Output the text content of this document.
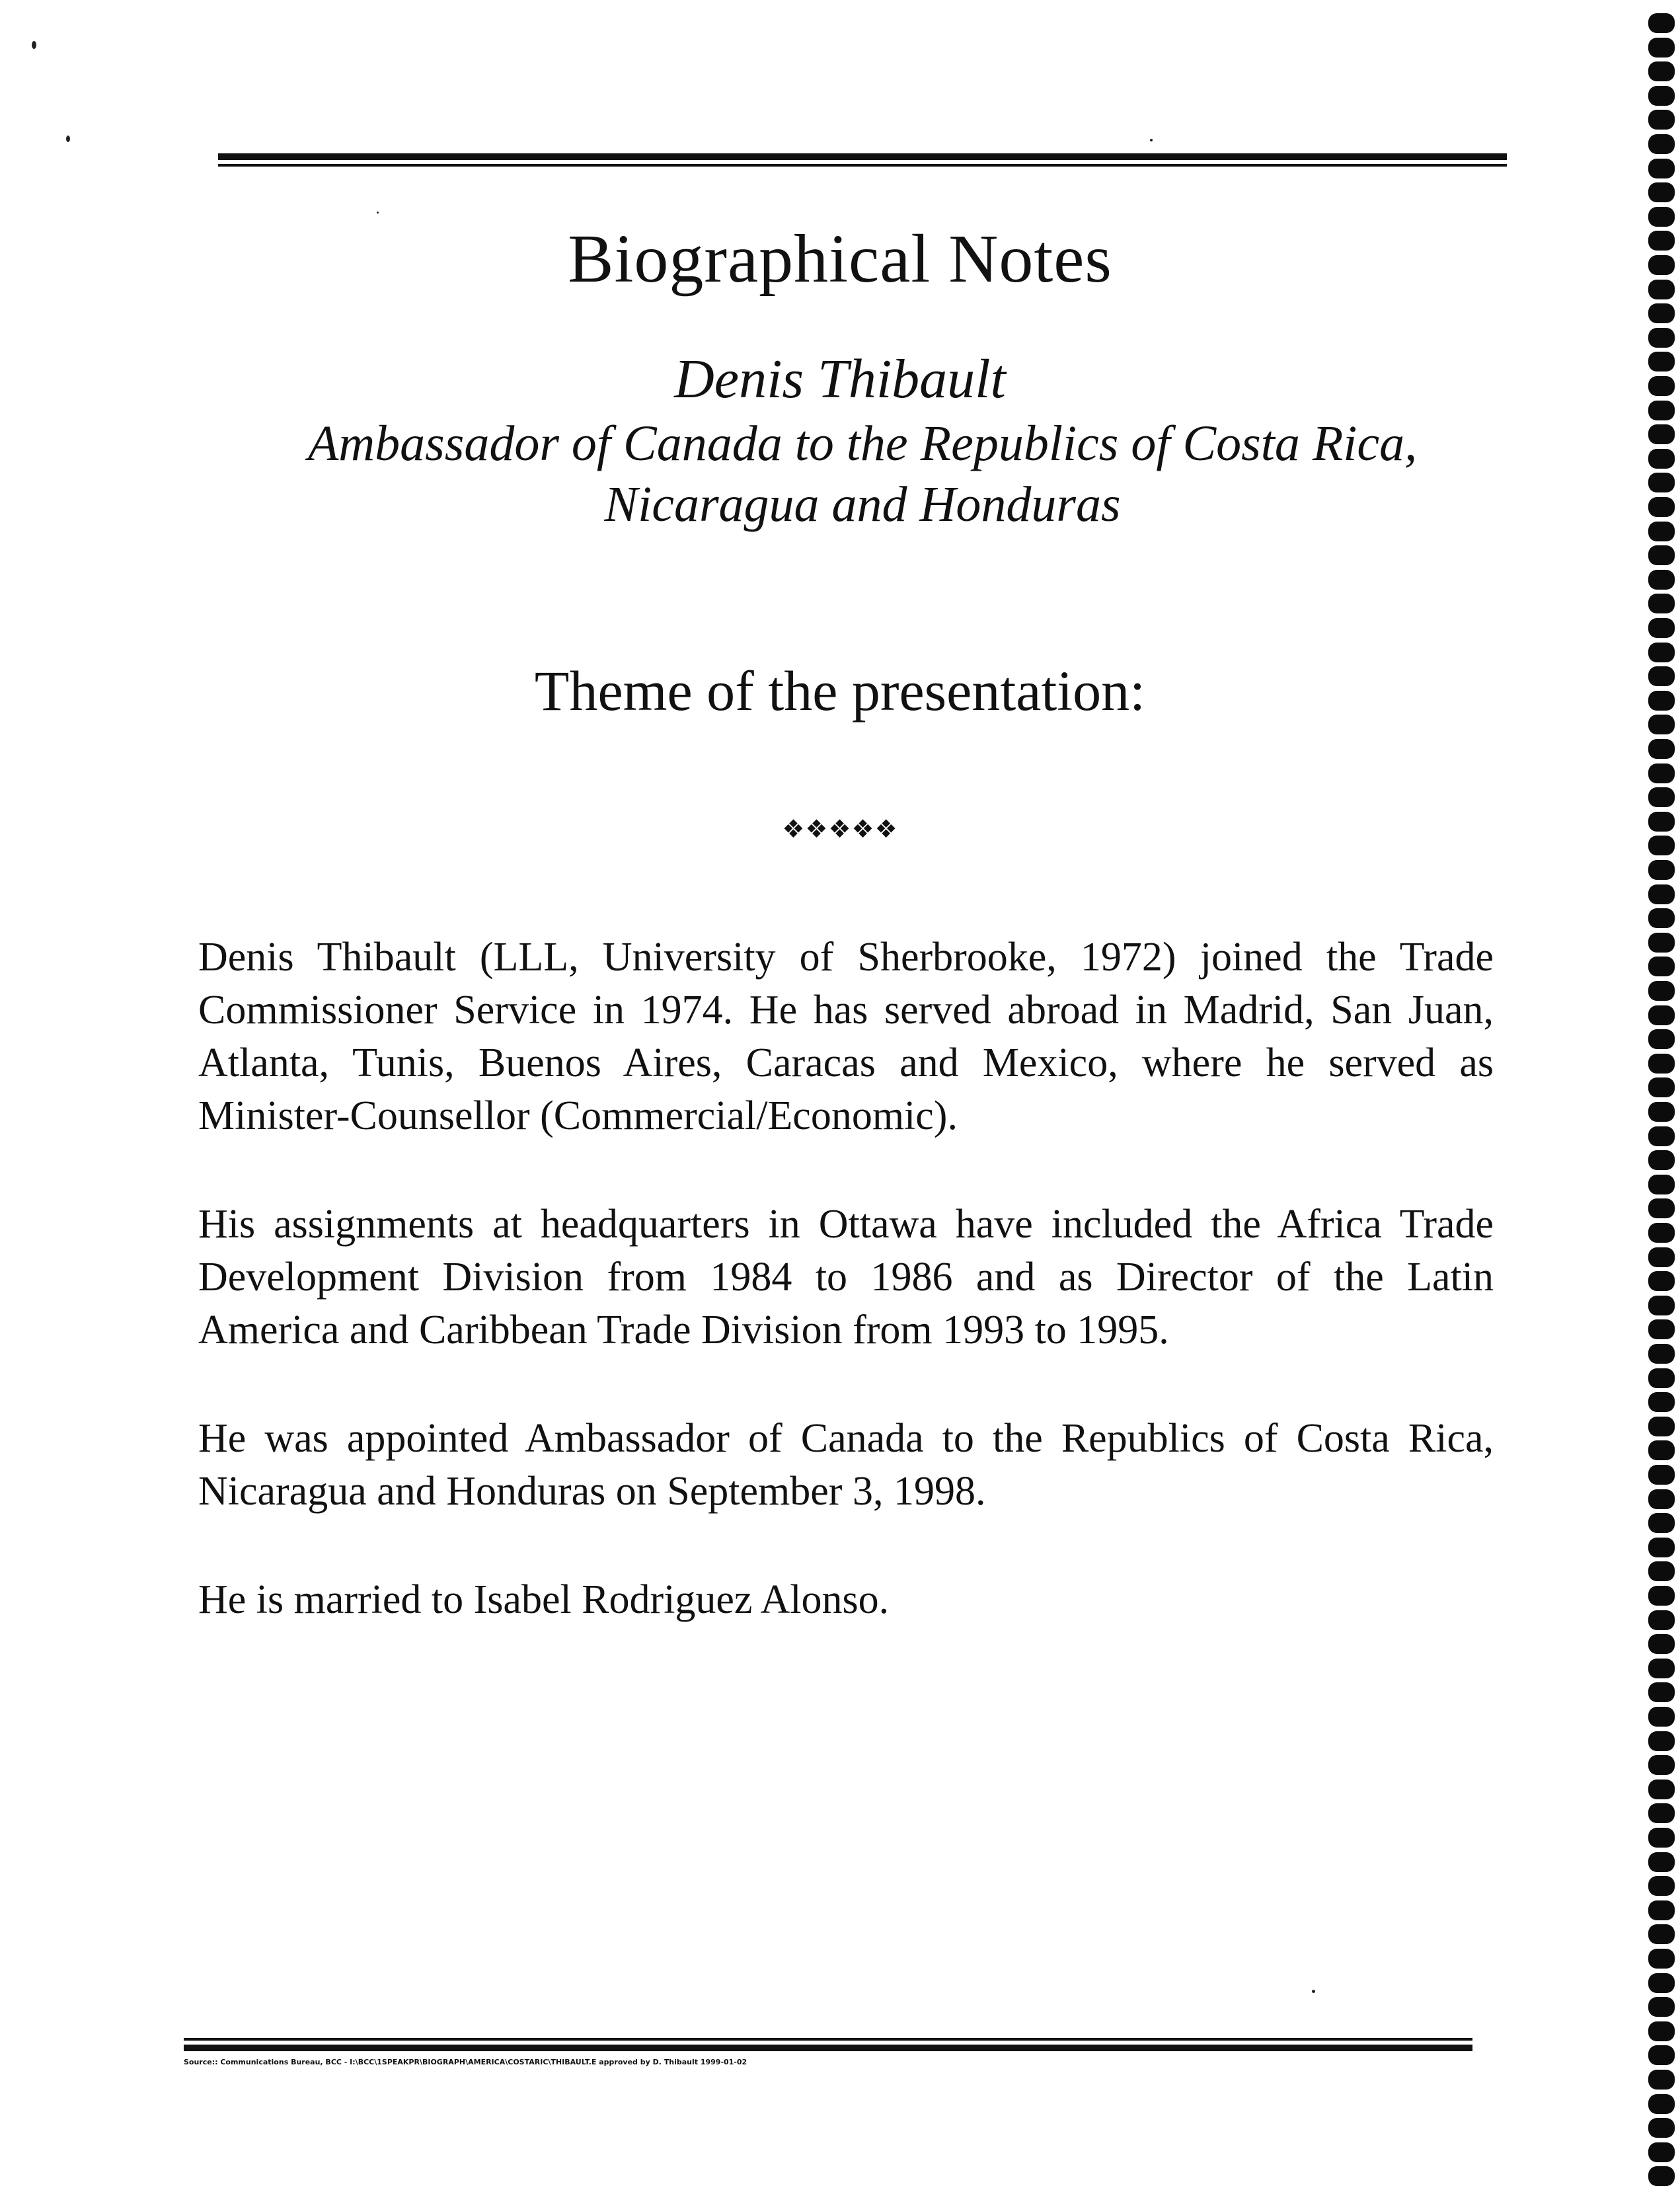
Biographical Notes
Denis Thibault
Ambassador of Canada to the Republics of Costa Rica,
Nicaragua and Honduras
Theme of the presentation:
❖❖❖❖❖

Denis Thibault (LLL, University of Sherbrooke, 1972) joined the Trade Commissioner Service in 1974. He has served abroad in Madrid, San Juan, Atlanta, Tunis, Buenos Aires, Caracas and Mexico, where he served as Minister-Counsellor (Commercial/Economic).

His assignments at headquarters in Ottawa have included the Africa Trade Development Division from 1984 to 1986 and as Director of the Latin America and Caribbean Trade Division from 1993 to 1995.

He was appointed Ambassador of Canada to the Republics of Costa Rica, Nicaragua and Honduras on September 3, 1998.

He is married to Isabel Rodriguez Alonso.

Source:: Communications Bureau, BCC - I:\BCC\1SPEAKPR\BIOGRAPH\AMERICA\COSTARIC\THIBAULT.E approved by D. Thibault 1999-01-02
